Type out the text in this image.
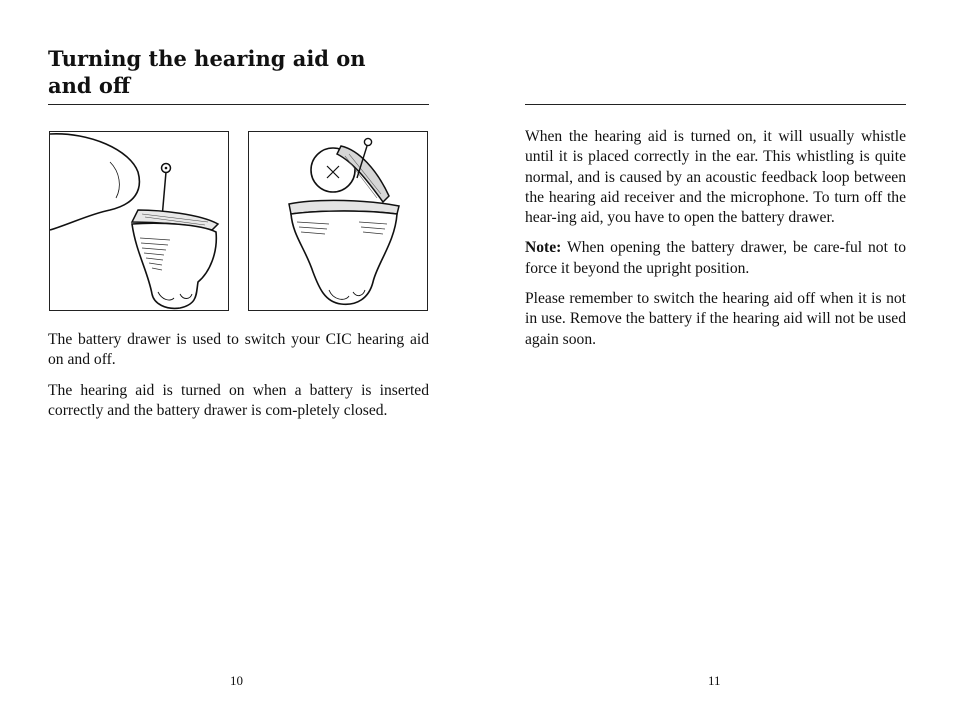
Turning the hearing aid on
and off

The battery drawer is used to switch your CIC hearing aid on and off.

The hearing aid is turned on when a battery is inserted correctly and the battery drawer is com-pletely closed.

When the hearing aid is turned on, it will usually whistle until it is placed correctly in the ear. This whistling is quite normal, and is caused by an acoustic feedback loop between the hearing aid receiver and the microphone. To turn off the hear-ing aid, you have to open the battery drawer.

Note: When opening the battery drawer, be care-ful not to force it beyond the upright position.

Please remember to switch the hearing aid off when it is not in use. Remove the battery if the hearing aid will not be used again soon.

10	11
